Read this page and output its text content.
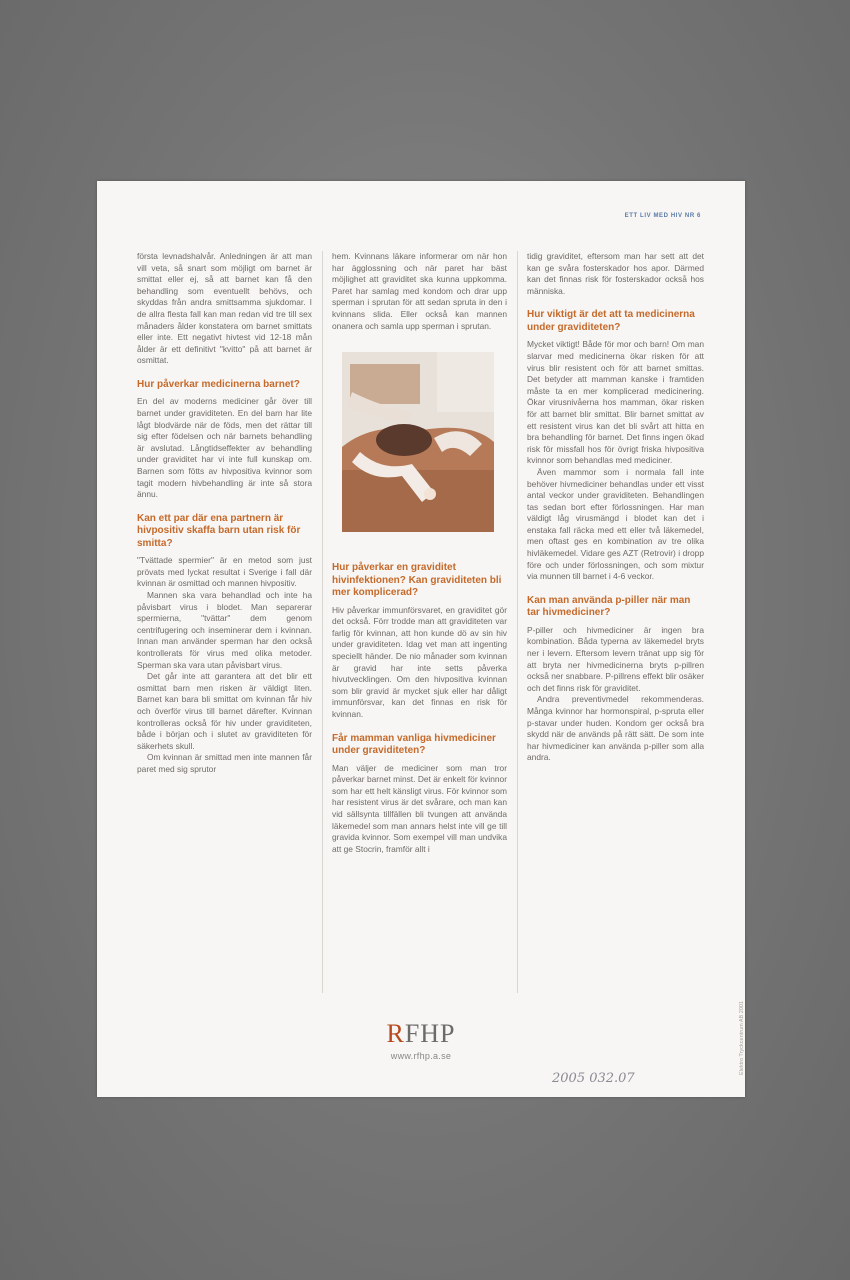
ETT LIV MED HIV NR 6

första levnadshalvår. Anledningen är att man vill veta, så snart som möjligt om barnet är smittat eller ej, så att barnet kan få den behandling som eventuellt behövs, och skyddas från andra smittsamma sjukdomar. I de allra flesta fall kan man redan vid tre till sex månaders ålder konstatera om barnet smittats eller inte. Ett negativt hivtest vid 12-18 mån ålder är ett definitivt "kvitto" på att barnet är osmittat.

Hur påverkar medicinerna barnet?

En del av moderns mediciner går över till barnet under graviditeten. En del barn har lite lågt blodvärde när de föds, men det rättar till sig efter födelsen och när barnets behandling är avslutad. Långtidseffekter av behandling under graviditet har vi inte full kunskap om. Barnen som fötts av hivpositiva kvinnor som tagit modern hivbehandling är inte så stora ännu.

Kan ett par där ena partnern är hivpositiv skaffa barn utan risk för smitta?

"Tvättade spermier" är en metod som just prövats med lyckat resultat i Sverige i fall där kvinnan är osmittad och mannen hivpositiv.

Mannen ska vara behandlad och inte ha påvisbart virus i blodet. Man separerar spermierna, "tvättar" dem genom centrifugering och inseminerar dem i kvinnan. Innan man använder sperman har den också kontrollerats för virus med olika metoder. Sperman ska vara utan påvisbart virus.

Det går inte att garantera att det blir ett osmittat barn men risken är väldigt liten. Barnet kan bara bli smittat om kvinnan får hiv och överför virus till barnet därefter. Kvinnan kontrolleras också för hiv under graviditeten, både i början och i slutet av graviditeten för säkerhets skull.

Om kvinnan är smittad men inte mannen får paret med sig sprutor

hem. Kvinnans läkare informerar om när hon har ägglossning och när paret har bäst möjlighet att graviditet ska kunna uppkomma. Paret har samlag med kondom och drar upp sperman i sprutan för att sedan spruta in den i kvinnans slida. Eller också kan mannen onanera och samla upp sperman i sprutan.

Hur påverkar en graviditet hivinfektionen? Kan graviditeten bli mer komplicerad?

Hiv påverkar immunförsvaret, en graviditet gör det också. Förr trodde man att graviditeten var farlig för kvinnan, att hon kunde dö av sin hiv under graviditeten. Idag vet man att ingenting speciellt händer. De nio månader som kvinnan är gravid har inte setts påverka hivutvecklingen. Om den hivpositiva kvinnan som blir gravid är mycket sjuk eller har dåligt immunförsvar, kan det finnas en risk för kvinnan.

Får mamman vanliga hivmediciner under graviditeten?

Man väljer de mediciner som man tror påverkar barnet minst. Det är enkelt för kvinnor som har ett helt känsligt virus. För kvinnor som har resistent virus är det svårare, och man kan vid sällsynta tillfällen bli tvungen att använda läkemedel som man annars helst inte vill ge till gravida kvinnor. Som exempel vill man undvika att ge Stocrin, framför allt i

tidig graviditet, eftersom man har sett att det kan ge svåra fosterskador hos apor. Därmed kan det finnas risk för fosterskador också hos människa.

Hur viktigt är det att ta medicinerna under graviditeten?

Mycket viktigt! Både för mor och barn! Om man slarvar med medicinerna ökar risken för att virus blir resistent och för att barnet smittas. Det betyder att mamman kanske i framtiden måste ta en mer komplicerad medicinering. Ökar virusnivåerna hos mamman, ökar risken för att barnet blir smittat. Blir barnet smittat av ett resistent virus kan det bli svårt att hitta en bra behandling för barnet. Det finns ingen ökad risk för missfall hos för övrigt friska hivpositiva kvinnor som behandlas med mediciner.

Även mammor som i normala fall inte behöver hivmediciner behandlas under ett visst antal veckor under graviditeten. Behandlingen tas sedan bort efter förlossningen. Har man väldigt låg virusmängd i blodet kan det i enstaka fall räcka med ett eller två läkemedel, men oftast ges en kombination av tre olika hivläkemedel. Vidare ges AZT (Retrovir) i dropp före och under förlossningen, och som mixtur via munnen till barnet i 4-6 veckor.

Kan man använda p-piller när man tar hivmediciner?

P-piller och hivmediciner är ingen bra kombination. Båda typerna av läkemedel bryts ner i levern. Eftersom levern tränat upp sig för att bryta ner hivmedicinerna bryts p-pillren också ner snabbare. P-pillrens effekt blir osäker och det finns risk för graviditet.

Andra preventivmedel rekommenderas. Många kvinnor har hormonspiral, p-spruta eller p-stavar under huden. Kondom ger också bra skydd när de används på rätt sätt. De som inte har hivmediciner kan använda p-piller som alla andra.

RFHP
www.rfhp.a.se	Elektro Tryckcentrum AB 2001
2005 032.07
